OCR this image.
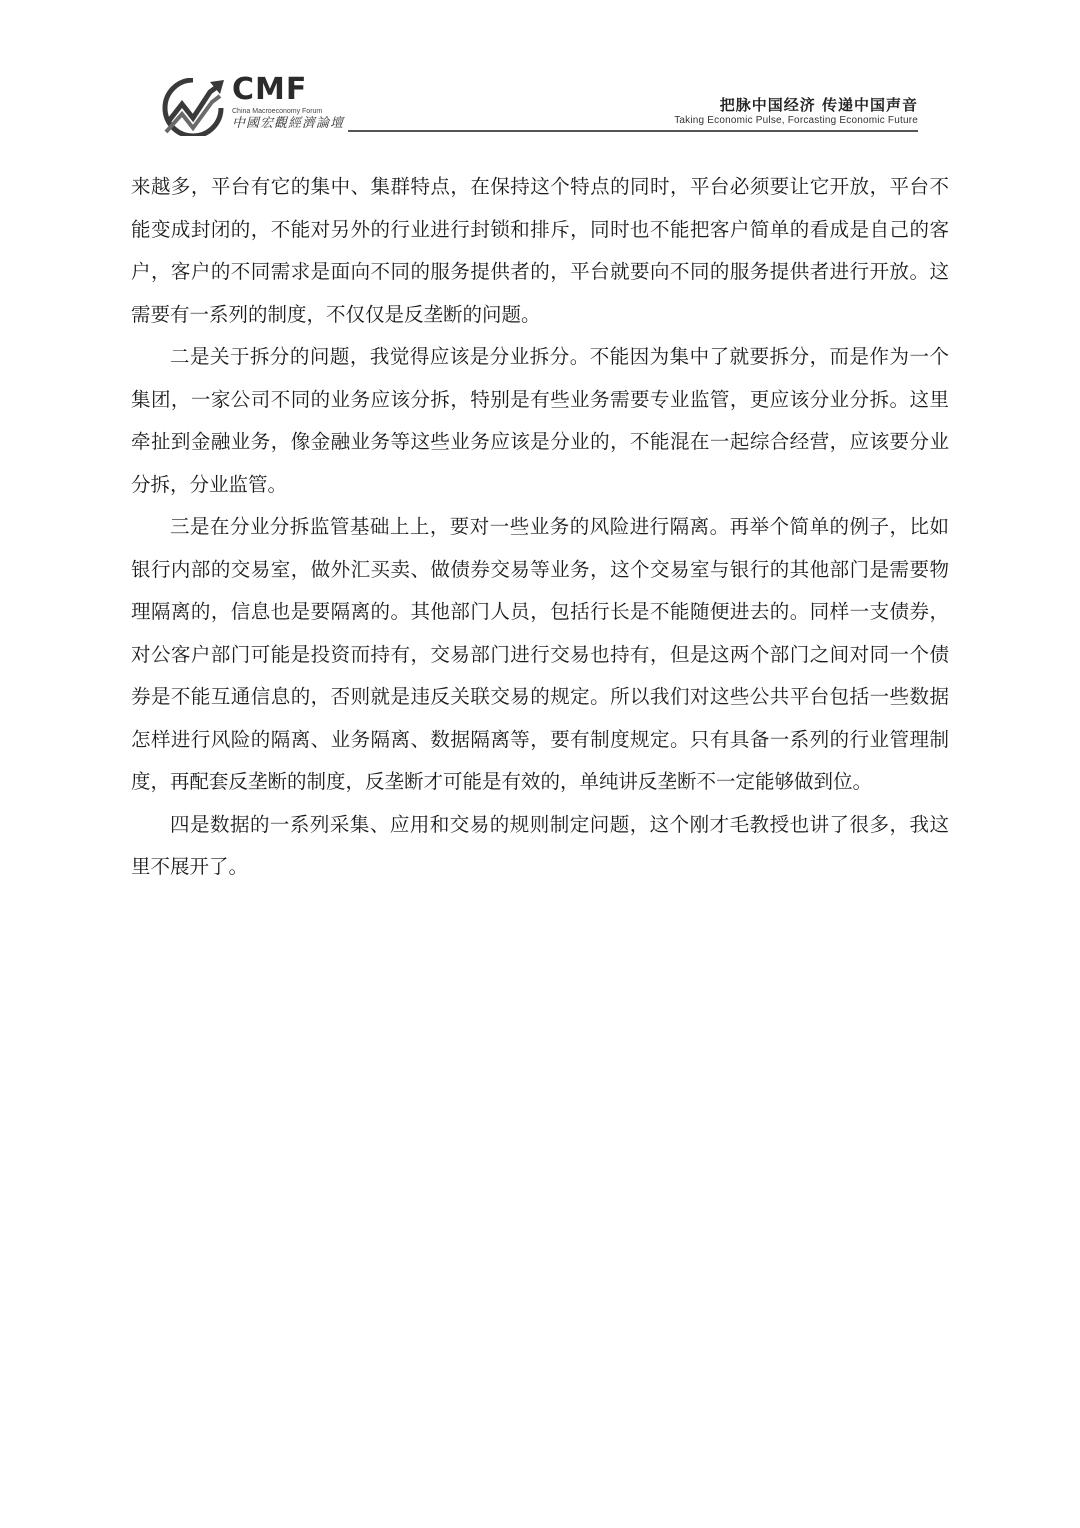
CMF
China Macroeconomy Forum
中國宏觀經濟論壇
把脉中国经济 传递中国声音
Taking Economic Pulse, Forcasting Economic Future

来越多，平台有它的集中、集群特点，在保持这个特点的同时，平台必须要让它开放，平台不能变成封闭的，不能对另外的行业进行封锁和排斥，同时也不能把客户简单的看成是自己的客户，客户的不同需求是面向不同的服务提供者的，平台就要向不同的服务提供者进行开放。这需要有一系列的制度，不仅仅是反垄断的问题。

二是关于拆分的问题，我觉得应该是分业拆分。不能因为集中了就要拆分，而是作为一个集团，一家公司不同的业务应该分拆，特别是有些业务需要专业监管，更应该分业分拆。这里牵扯到金融业务，像金融业务等这些业务应该是分业的，不能混在一起综合经营，应该要分业分拆，分业监管。

三是在分业分拆监管基础上上，要对一些业务的风险进行隔离。再举个简单的例子，比如银行内部的交易室，做外汇买卖、做债券交易等业务，这个交易室与银行的其他部门是需要物理隔离的，信息也是要隔离的。其他部门人员，包括行长是不能随便进去的。同样一支债券，对公客户部门可能是投资而持有，交易部门进行交易也持有，但是这两个部门之间对同一个债券是不能互通信息的，否则就是违反关联交易的规定。所以我们对这些公共平台包括一些数据怎样进行风险的隔离、业务隔离、数据隔离等，要有制度规定。只有具备一系列的行业管理制度，再配套反垄断的制度，反垄断才可能是有效的，单纯讲反垄断不一定能够做到位。

四是数据的一系列采集、应用和交易的规则制定问题，这个刚才毛教授也讲了很多，我这里不展开了。
